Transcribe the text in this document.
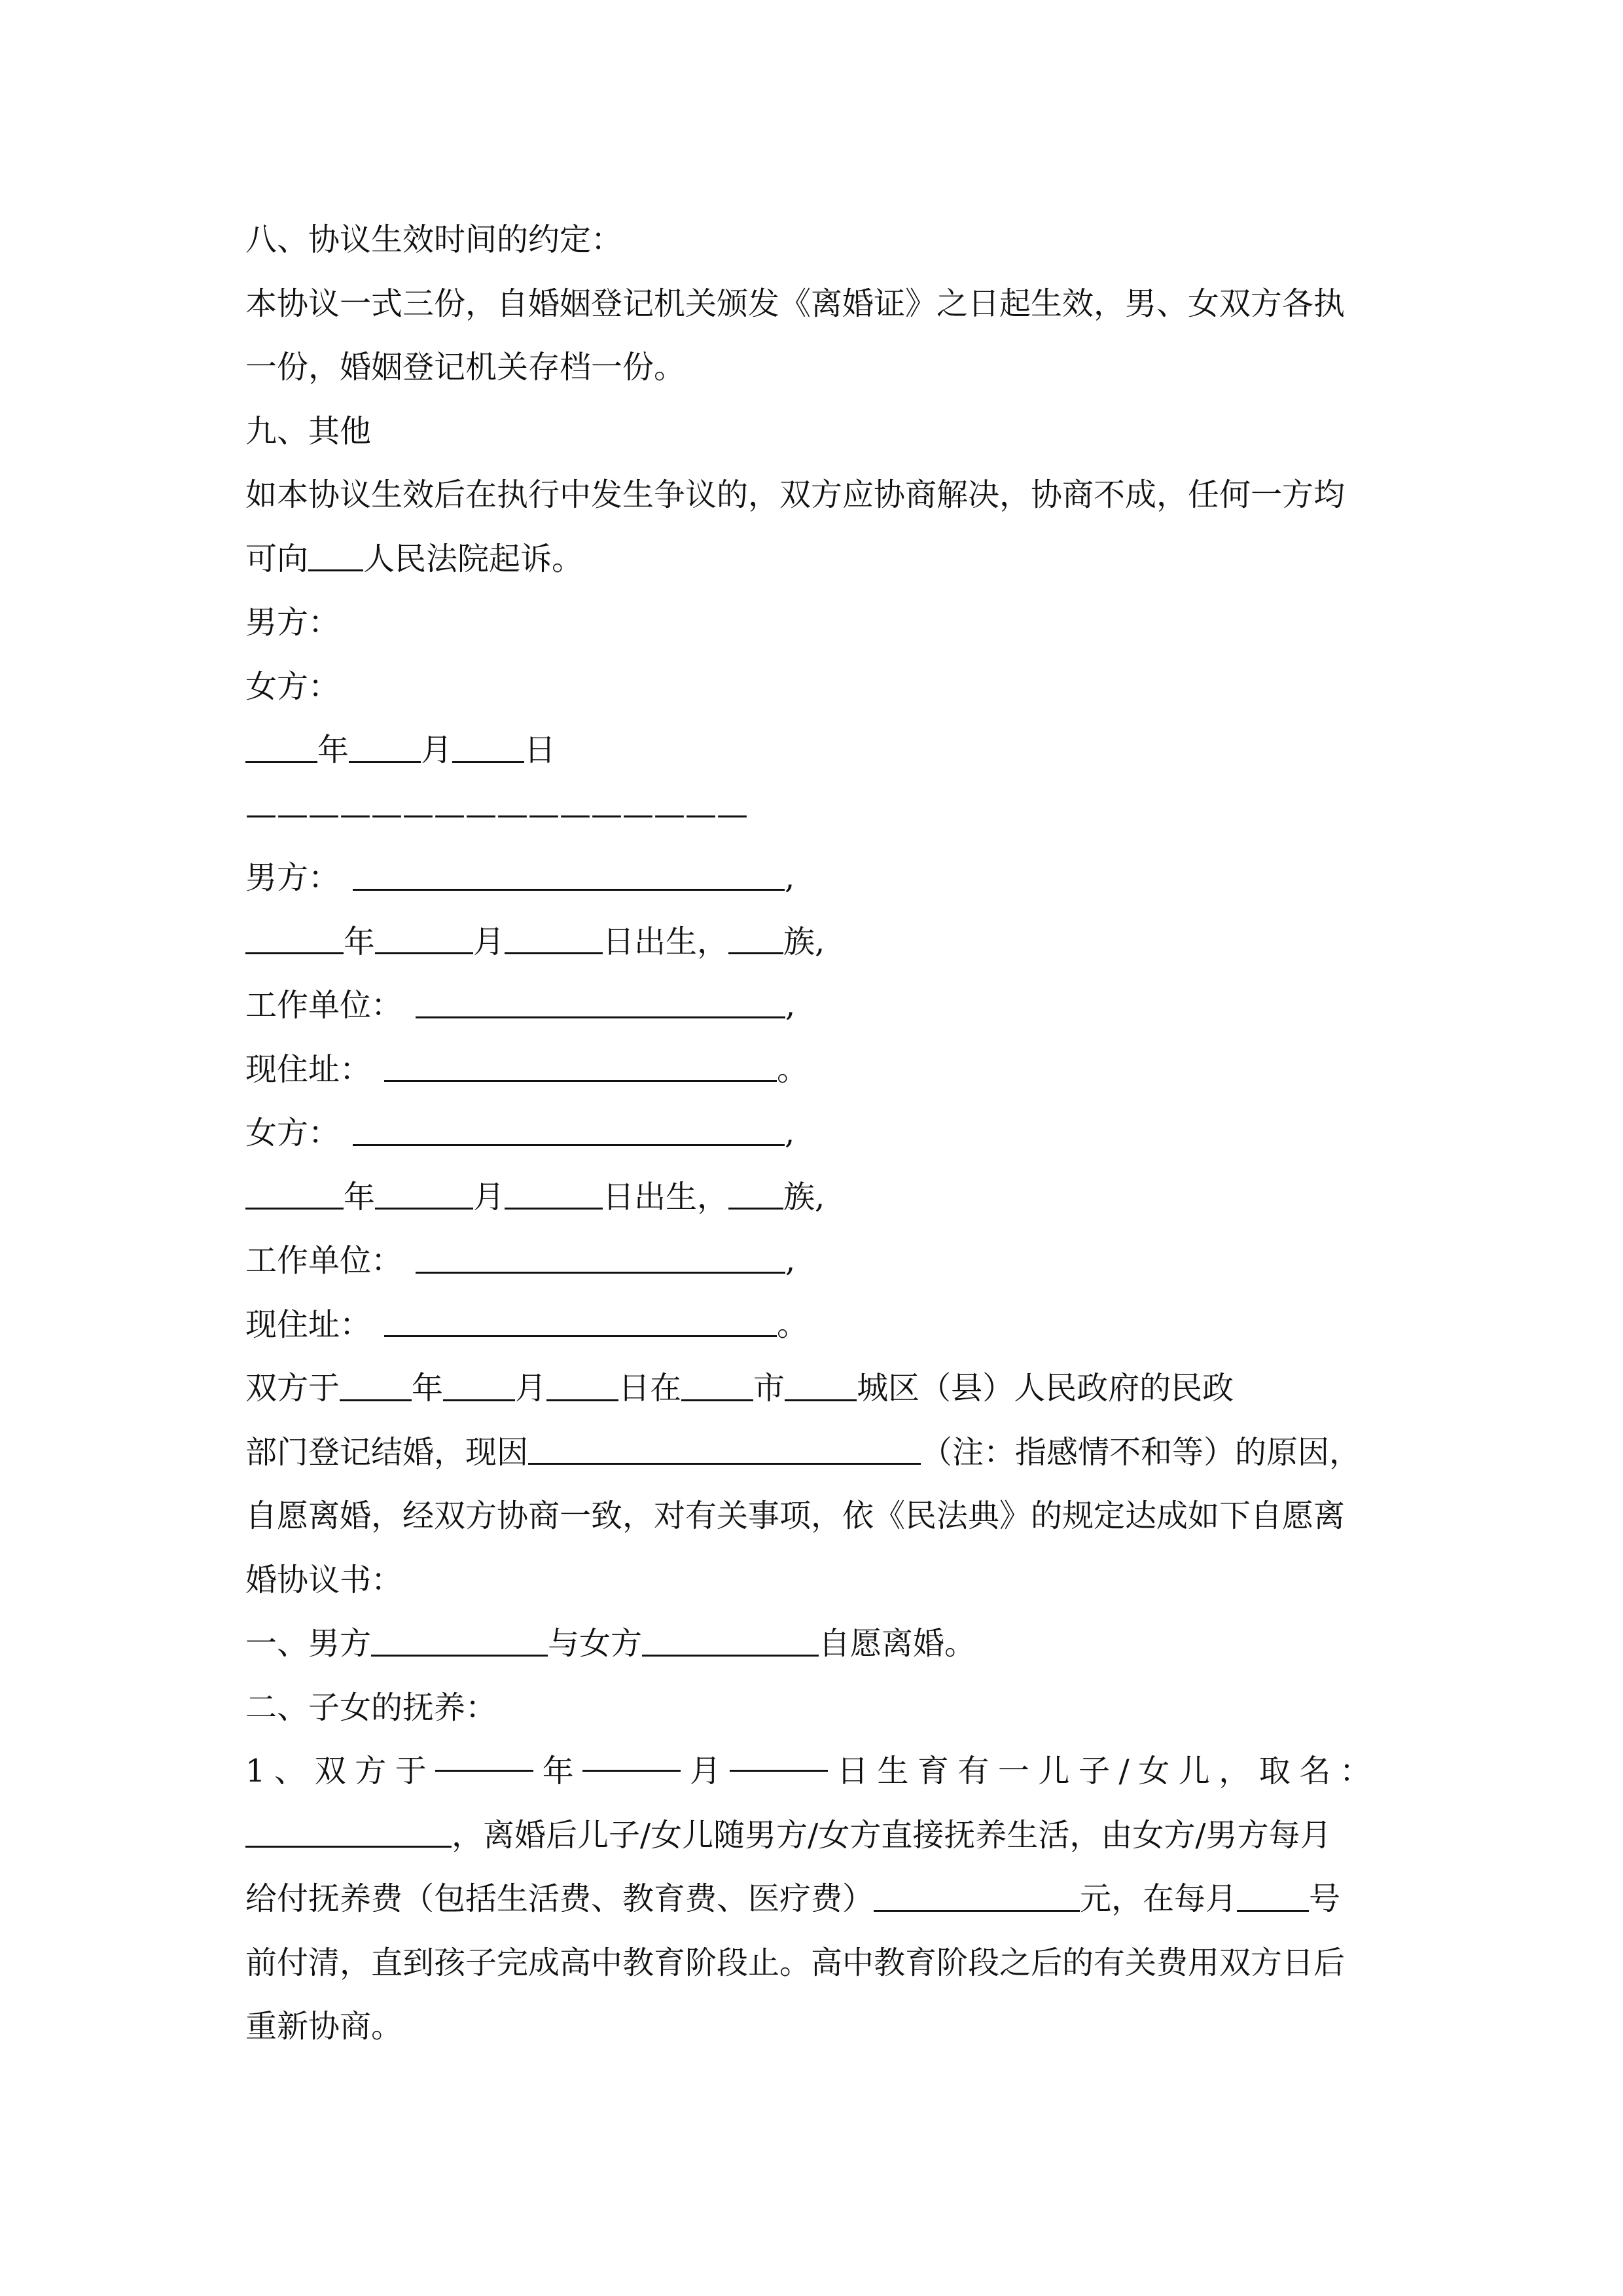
八、协议生效时间的约定：
本协议一式三份，自婚姻登记机关颁发《离婚证》之日起生效，男、女双方各执
一份，婚姻登记机关存档一份。
九、其他
如本协议生效后在执行中发生争议的，双方应协商解决，协商不成，任何一方均
可向 人民法院起诉。
男方：
女方：
年 月 日
————————————————
男方：	,
年	月	日出生， 族,
工作单位：	,
现住址：	。
女方：	,
年	月	日出生， 族,
工作单位：	,
现住址：	。
双方于 年 月 日在 市 城区（县）人民政府的民政
部门登记结婚，现因	（注：指感情不和等）的原因，
自愿离婚，经双方协商一致，对有关事项，依《民法典》的规定达成如下自愿离
婚协议书：
一、男方	与女方	自愿离婚。
二、子女的抚养：
1 、 双 方 于	年	月	日 生 育 有 一 儿 子 / 女 儿 ， 取 名 ：
，离婚后儿子/女儿随男方/女方直接抚养生活，由女方/男方每月
给付抚养费（包括生活费、教育费、医疗费）	元，在每月 号
前付清，直到孩子完成高中教育阶段止。高中教育阶段之后的有关费用双方日后
重新协商。
